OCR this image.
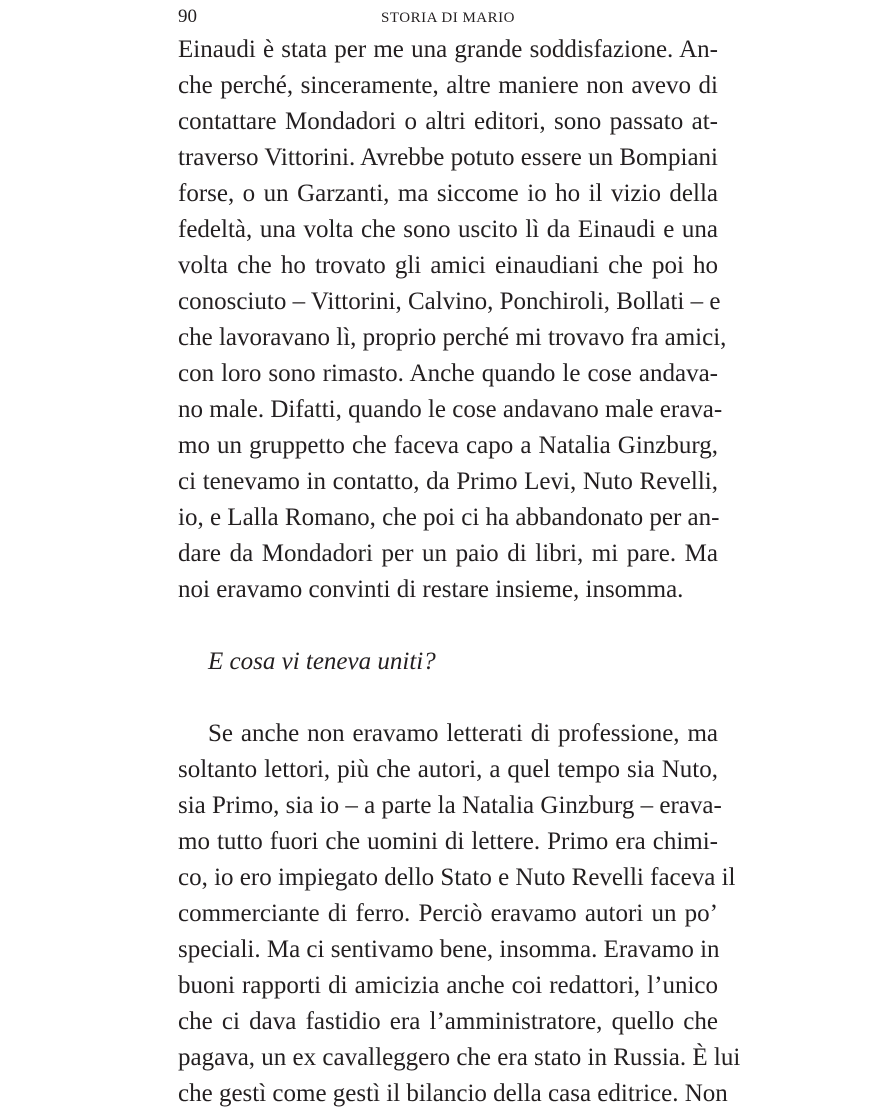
90	STORIA DI MARIO
Einaudi è stata per me una grande soddisfazione. An-
che perché, sinceramente, altre maniere non avevo di
contattare Mondadori o altri editori, sono passato at-
traverso Vittorini. Avrebbe potuto essere un Bompiani
forse, o un Garzanti, ma siccome io ho il vizio della
fedeltà, una volta che sono uscito lì da Einaudi e una
volta che ho trovato gli amici einaudiani che poi ho
conosciuto – Vittorini, Calvino, Ponchiroli, Bollati – e
che lavoravano lì, proprio perché mi trovavo fra amici,
con loro sono rimasto. Anche quando le cose andava-
no male. Difatti, quando le cose andavano male erava-
mo un gruppetto che faceva capo a Natalia Ginzburg,
ci tenevamo in contatto, da Primo Levi, Nuto Revelli,
io, e Lalla Romano, che poi ci ha abbandonato per an-
dare da Mondadori per un paio di libri, mi pare. Ma
noi eravamo convinti di restare insieme, insomma.
E cosa vi teneva uniti?
Se anche non eravamo letterati di professione, ma
soltanto lettori, più che autori, a quel tempo sia Nuto,
sia Primo, sia io – a parte la Natalia Ginzburg – erava-
mo tutto fuori che uomini di lettere. Primo era chimi-
co, io ero impiegato dello Stato e Nuto Revelli faceva il
commerciante di ferro. Perciò eravamo autori un po’
speciali. Ma ci sentivamo bene, insomma. Eravamo in
buoni rapporti di amicizia anche coi redattori, l’unico
che ci dava fastidio era l’amministratore, quello che
pagava, un ex cavalleggero che era stato in Russia. È lui
che gestì come gestì il bilancio della casa editrice. Non
